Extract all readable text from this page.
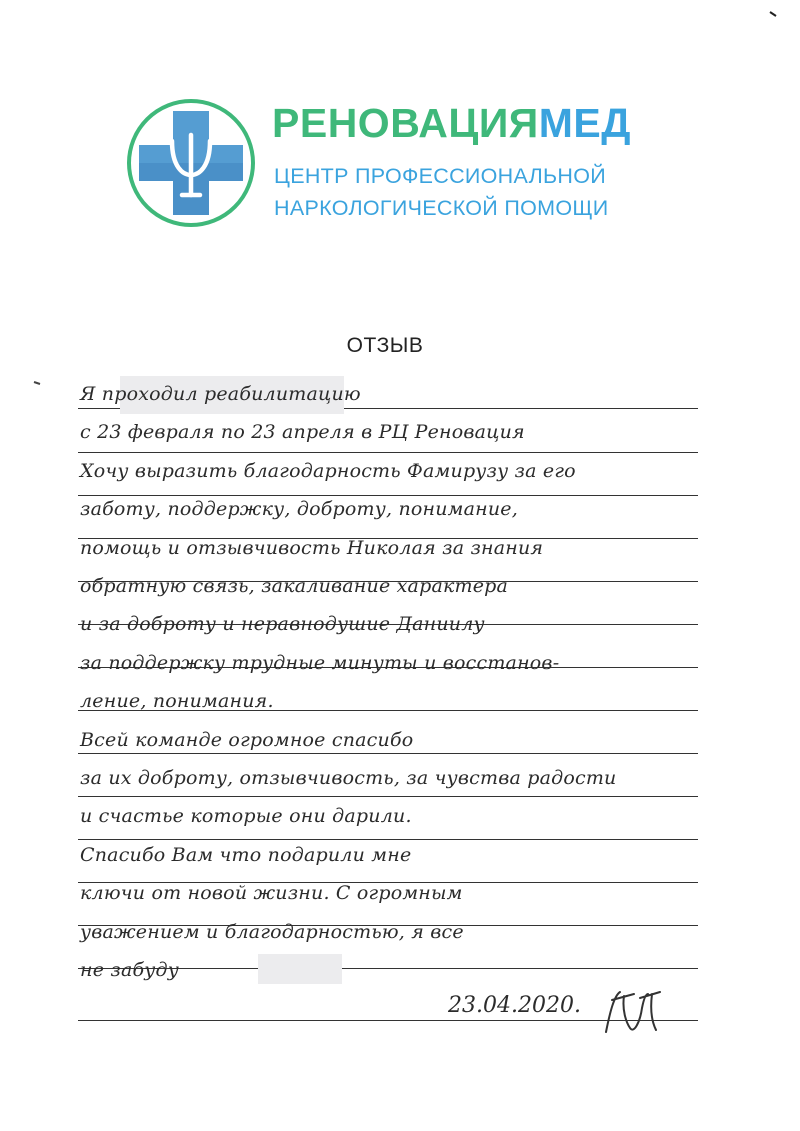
РЕНОВАЦИЯМЕД
ЦЕНТР ПРОФЕССИОНАЛЬНОЙ
НАРКОЛОГИЧЕСКОЙ ПОМОЩИ
ОТЗЫВ
Я проходил реабилитацию
с 23 февраля по 23 апреля в РЦ Реновация
Хочу выразить благодарность Фамирузу за его
заботу, поддержку, доброту, понимание,
помощь и отзывчивость Николая за знания
обратную связь, закаливание характера
и за доброту и неравнодушие Даниилу
за поддержку трудные минуты и восстанов-
ление, понимания.
Всей команде огромное спасибо
за их доброту, отзывчивость, за чувства радости
и счастье которые они дарили.
Спасибо Вам что подарили мне
ключи от новой жизни. С огромным
уважением и благодарностью, я все
не забуду
23.04.2020.
